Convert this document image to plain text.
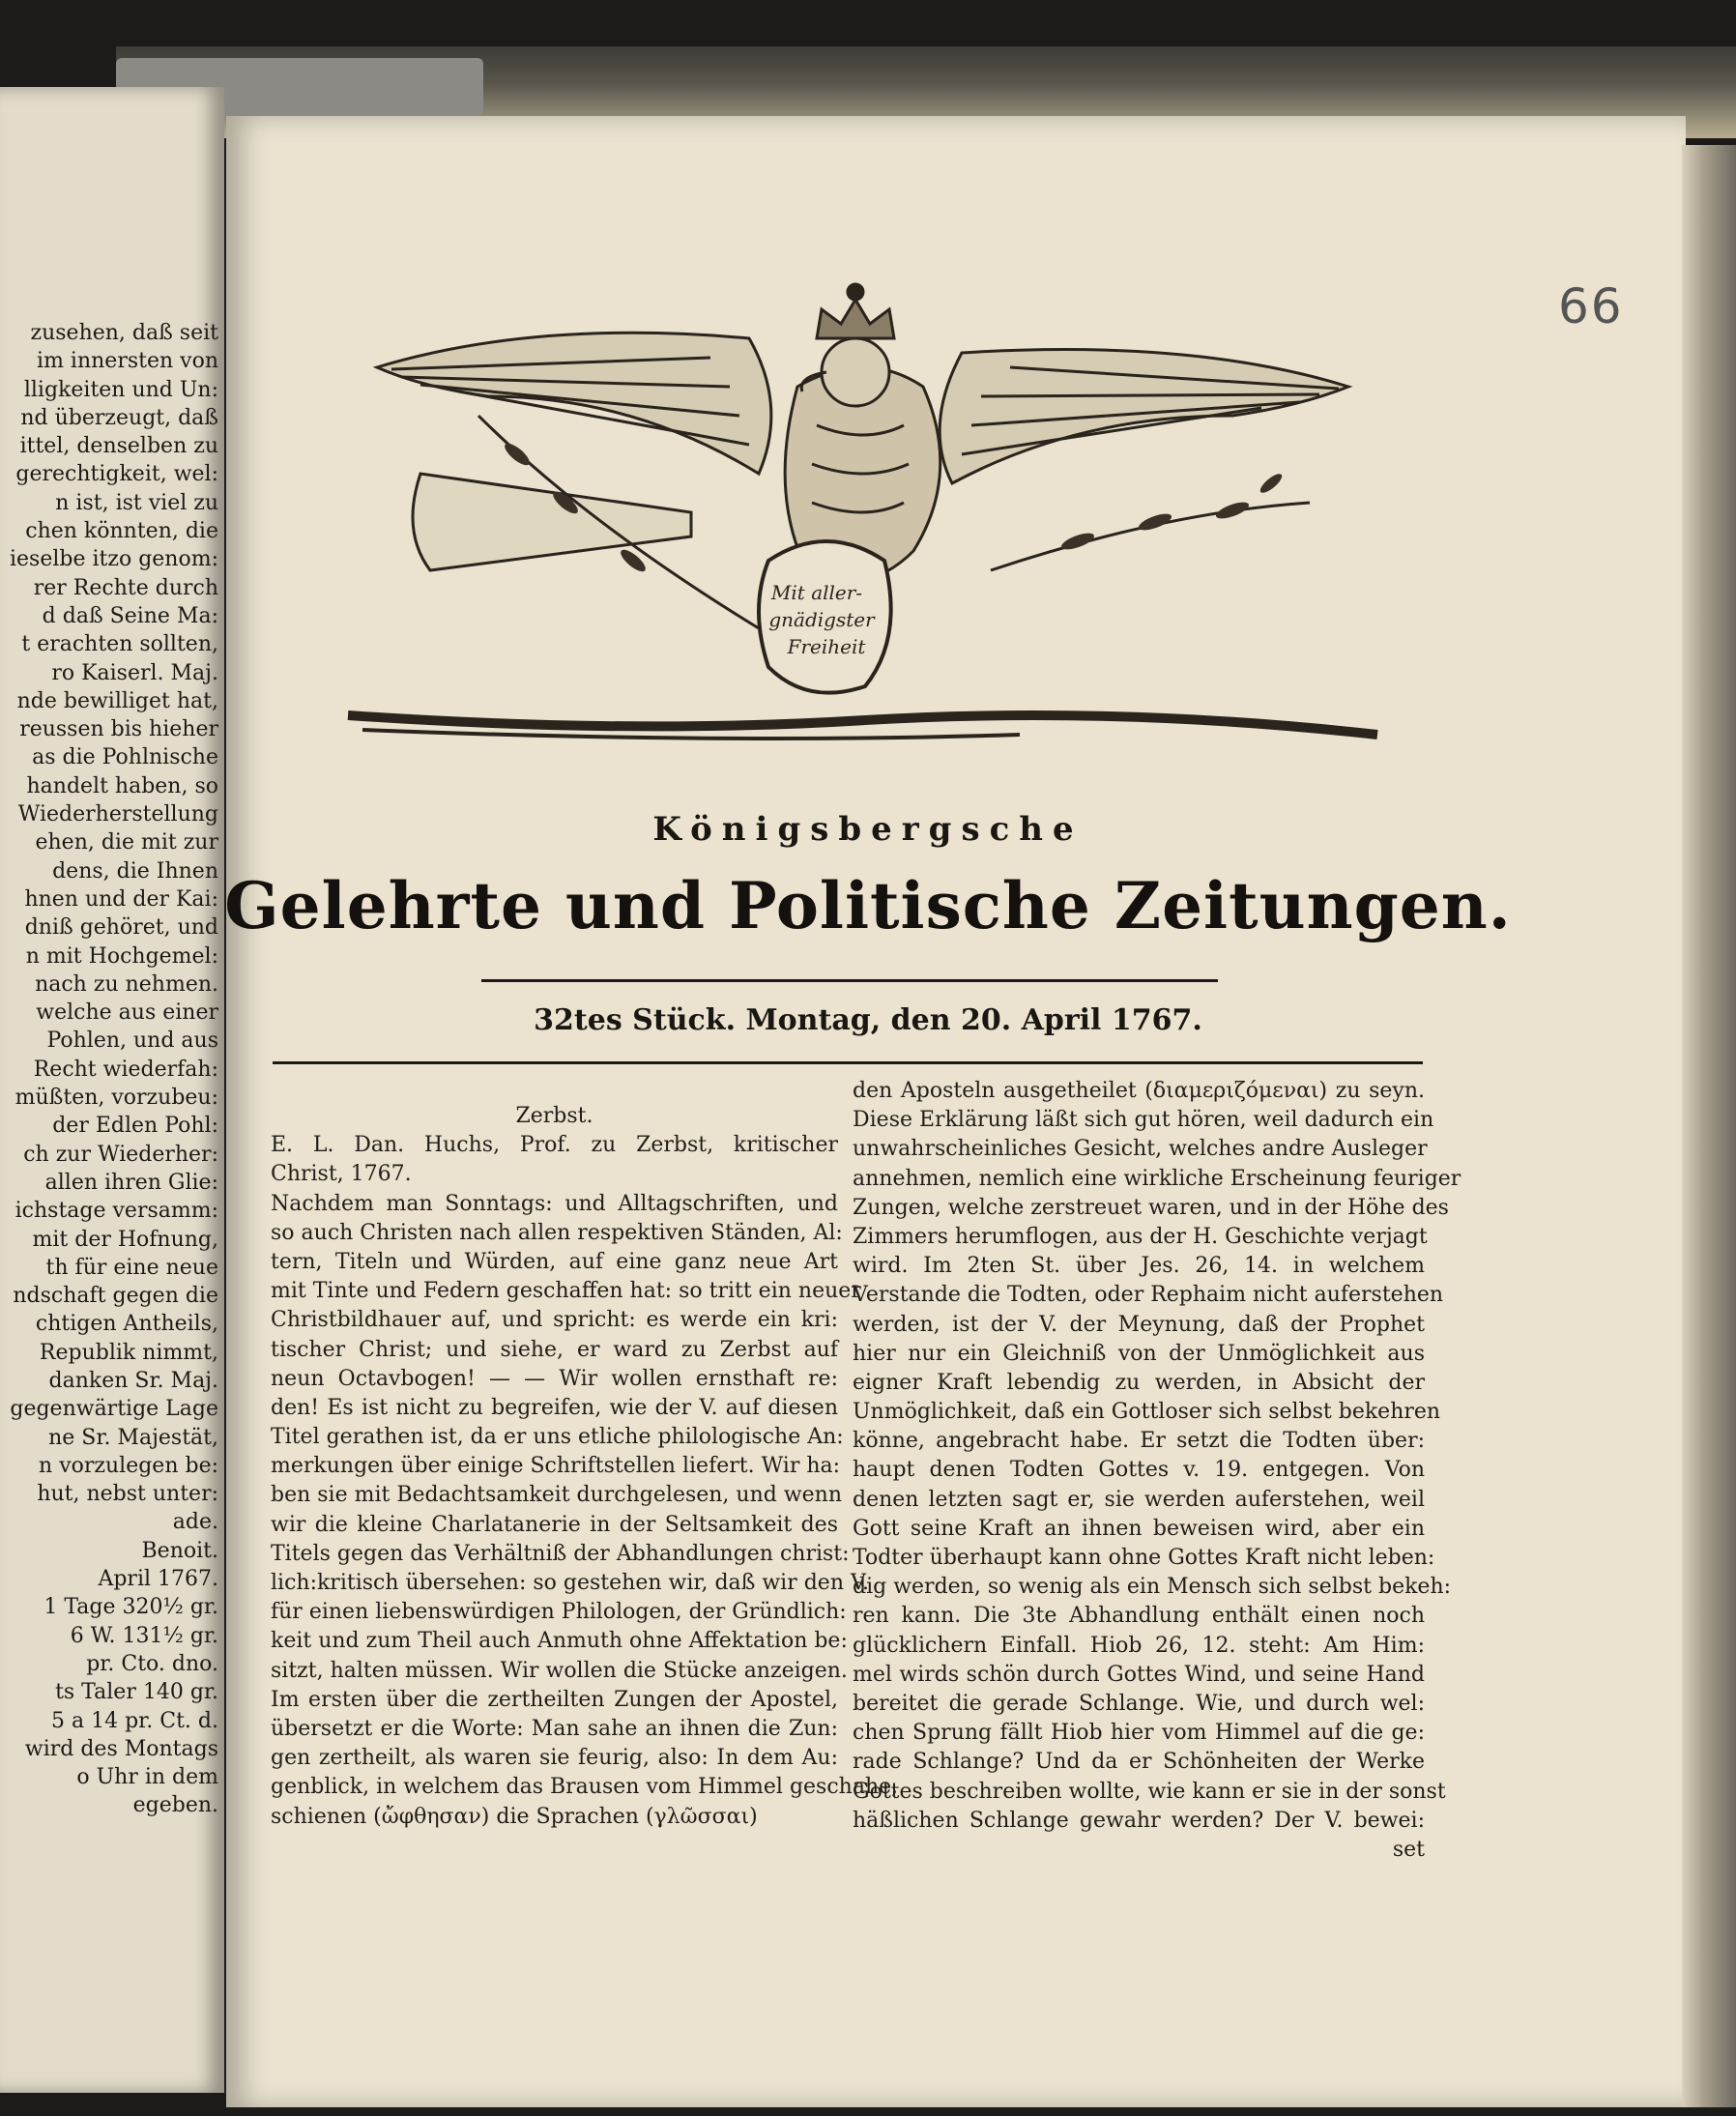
zusehen, daß seit
im innersten von
lligkeiten und Un:
nd überzeugt, daß
ittel, denselben zu
gerechtigkeit, wel:
n ist, ist viel zu
chen könnten, die
ieselbe itzo genom:
rer Rechte durch
d daß Seine Ma:
t erachten sollten,
ro Kaiserl. Maj.
nde bewilliget hat,
reussen bis hieher
as die Pohlnische
handelt haben, so
Wiederherstellung
ehen, die mit zur
dens, die Ihnen
hnen und der Kai:
dniß gehöret, und
n mit Hochgemel:
nach zu nehmen.
welche aus einer
Pohlen, und aus
Recht wiederfah:
müßten, vorzubeu:
der Edlen Pohl:
ch zur Wiederher:
allen ihren Glie:
ichstage versamm:
mit der Hofnung,
th für eine neue
ndschaft gegen die
chtigen Antheils,
Republik nimmt,
danken Sr. Maj.
gegenwärtige Lage
ne Sr. Majestät,
n vorzulegen be:
hut, nebst unter:
ade.
Benoit.
April 1767.
1 Tage 320½ gr.
6 W. 131½ gr.
pr. Cto. dno.
ts Taler 140 gr.
5 a 14 pr. Ct. d.
wird des Montags
o Uhr in dem
egeben.
66
Mit aller-
gnädigster
Freiheit
Königsbergsche
Gelehrte und Politische Zeitungen.
32tes Stück. Montag, den 20. April 1767.
Zerbst.
E. L. Dan. Huchs, Prof. zu Zerbst, kritischer
Christ, 1767.
Nachdem man Sonntags: und Alltagschriften, und
so auch Christen nach allen respektiven Ständen, Al:
tern, Titeln und Würden, auf eine ganz neue Art
mit Tinte und Federn geschaffen hat: so tritt ein neuer
Christbildhauer auf, und spricht: es werde ein kri:
tischer Christ; und siehe, er ward zu Zerbst auf
neun Octavbogen! — — Wir wollen ernsthaft re:
den! Es ist nicht zu begreifen, wie der V. auf diesen
Titel gerathen ist, da er uns etliche philologische An:
merkungen über einige Schriftstellen liefert. Wir ha:
ben sie mit Bedachtsamkeit durchgelesen, und wenn
wir die kleine Charlatanerie in der Seltsamkeit des
Titels gegen das Verhältniß der Abhandlungen christ:
lich:kritisch übersehen: so gestehen wir, daß wir den V.
für einen liebenswürdigen Philologen, der Gründlich:
keit und zum Theil auch Anmuth ohne Affektation be:
sitzt, halten müssen. Wir wollen die Stücke anzeigen.
Im ersten über die zertheilten Zungen der Apostel,
übersetzt er die Worte: Man sahe an ihnen die Zun:
gen zertheilt, als waren sie feurig, also: In dem Au:
genblick, in welchem das Brausen vom Himmel geschahe,
schienen (ὤφθησαν) die Sprachen (γλῶσσαι)
den Aposteln ausgetheilet (διαμεριζόμεναι) zu seyn.
Diese Erklärung läßt sich gut hören, weil dadurch ein
unwahrscheinliches Gesicht, welches andre Ausleger
annehmen, nemlich eine wirkliche Erscheinung feuriger
Zungen, welche zerstreuet waren, und in der Höhe des
Zimmers herumflogen, aus der H. Geschichte verjagt
wird. Im 2ten St. über Jes. 26, 14. in welchem
Verstande die Todten, oder Rephaim nicht auferstehen
werden, ist der V. der Meynung, daß der Prophet
hier nur ein Gleichniß von der Unmöglichkeit aus
eigner Kraft lebendig zu werden, in Absicht der
Unmöglichkeit, daß ein Gottloser sich selbst bekehren
könne, angebracht habe. Er setzt die Todten über:
haupt denen Todten Gottes v. 19. entgegen. Von
denen letzten sagt er, sie werden auferstehen, weil
Gott seine Kraft an ihnen beweisen wird, aber ein
Todter überhaupt kann ohne Gottes Kraft nicht leben:
dig werden, so wenig als ein Mensch sich selbst bekeh:
ren kann. Die 3te Abhandlung enthält einen noch
glücklichern Einfall. Hiob 26, 12. steht: Am Him:
mel wirds schön durch Gottes Wind, und seine Hand
bereitet die gerade Schlange. Wie, und durch wel:
chen Sprung fällt Hiob hier vom Himmel auf die ge:
rade Schlange? Und da er Schönheiten der Werke
Gottes beschreiben wollte, wie kann er sie in der sonst
häßlichen Schlange gewahr werden? Der V. bewei:
set
